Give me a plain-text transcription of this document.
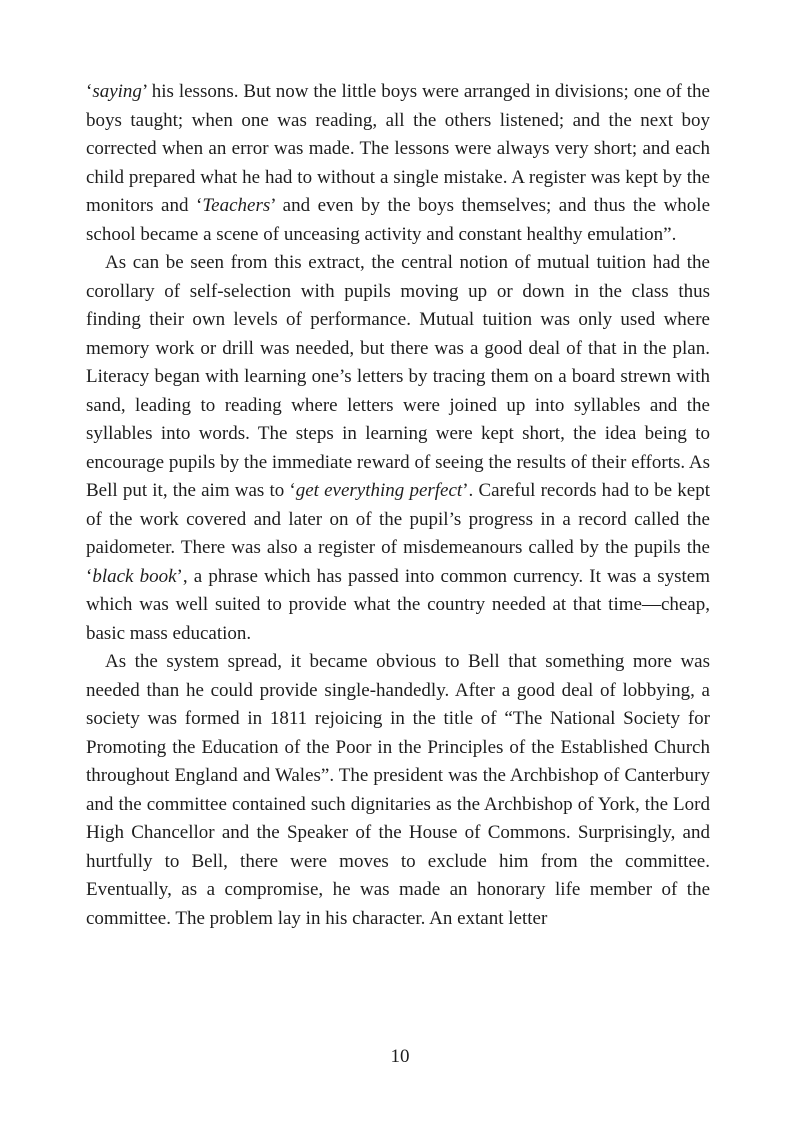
‘saying’ his lessons. But now the little boys were arranged in divisions; one of the boys taught; when one was reading, all the others listened; and the next boy corrected when an error was made. The lessons were always very short; and each child prepared what he had to without a single mistake. A register was kept by the monitors and ‘Teachers’ and even by the boys themselves; and thus the whole school became a scene of unceasing activity and constant healthy emulation”.

As can be seen from this extract, the central notion of mutual tuition had the corollary of self-selection with pupils moving up or down in the class thus finding their own levels of performance. Mutual tuition was only used where memory work or drill was needed, but there was a good deal of that in the plan. Literacy began with learning one’s letters by tracing them on a board strewn with sand, leading to reading where letters were joined up into syllables and the syllables into words. The steps in learning were kept short, the idea being to encourage pupils by the immediate reward of seeing the results of their efforts. As Bell put it, the aim was to ‘get everything perfect’. Careful records had to be kept of the work covered and later on of the pupil’s progress in a record called the paidometer. There was also a register of misdemeanours called by the pupils the ‘black book’, a phrase which has passed into common currency. It was a system which was well suited to provide what the country needed at that time—cheap, basic mass education.

As the system spread, it became obvious to Bell that something more was needed than he could provide single-handedly. After a good deal of lobbying, a society was formed in 1811 rejoicing in the title of “The National Society for Promoting the Education of the Poor in the Principles of the Established Church throughout England and Wales”. The president was the Archbishop of Canterbury and the committee contained such dignitaries as the Archbishop of York, the Lord High Chancellor and the Speaker of the House of Commons. Surprisingly, and hurtfully to Bell, there were moves to exclude him from the committee. Eventually, as a compromise, he was made an honorary life member of the committee. The problem lay in his character. An extant letter

10
